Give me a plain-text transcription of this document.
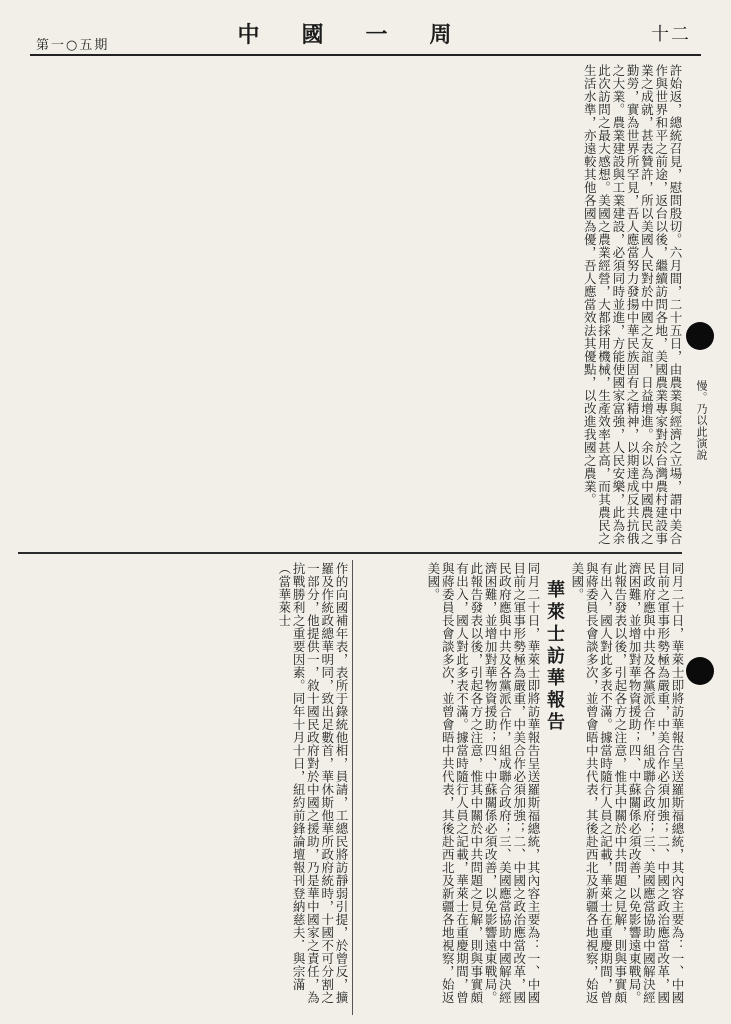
第一○五期	中國一周	十二
許始返，總統召見，慰問殷切。六月間，二十五日，由農業與經濟之立場，謂中美合作與世界和平之前途，返台以後，繼續訪問各地，美國農業專家對於台灣農村建設事業之成就，甚表贊許，所以美國人民對於中國之友誼，日益增進。余以為中國農民之勤勞，實為世界所罕見，吾人應當努力發揚中華民族固有之精神，以期達成反共抗俄之大業。農業建設與工業建設，必須同時並進，方能使國家富強，人民安樂，此為余此次訪問之最大感想。美國之農業經營，大都採用機械，生產效率甚高，而其農民之生活水準，亦遠較其他各國為優，吾人應當效法其優點，以改進我國之農業。	慢。乃以此演說
華萊士訪華報告
同月二十日，華萊士即將訪華報告呈送羅斯福總統，其內容主要為：一、中國目前之軍事形勢極為嚴重，中美合作必須加強；二、中國之政治應當改革，國民政府應與中共及各黨派合作，組成聯合政府；三、美國應當協助中國解決經濟困難，並增加對華物資援助；四、中蘇關係必須改善，以免影響遠東戰局。此報告發表以後，引起各方之注意，惟其中關於中共問題之見解，則與事實頗有出入，國人對此多表不滿。據當時隨行人員之記載，華萊士在重慶期間，曾與蔣委員長會談多次，並曾會晤中共代表，其後赴西北及新疆各地視察，始返美國。	同月二十日，華萊士即將訪華報告呈送羅斯福總統，其內容主要為：一、中國目前之軍事形勢極為嚴重，中美合作必須加強；二、中國之政治應當改革，國民政府應與中共及各黨派合作，組成聯合政府；三、美國應當協助中國解決經濟困難，並增加對華物資援助；四、中蘇關係必須改善，以免影響遠東戰局。此報告發表以後，引起各方之注意，惟其中關於中共問題之見解，則與事實頗有出入，國人對此多表不滿。據當時隨行人員之記載，華萊士在重慶期間，曾與蔣委員長會談多次，並曾會晤中共代表，其後赴西北及新疆各地視察，始返美國。
作的向國補年表，表所于錄統他相，員請，工總民將訪靜弱引提，於曾反，擴羅及作統政總華明同，致出足數首，華休斯他華所政府統時，十國不可分割之一部分，他提供一，敘十國民政府對於中國之援助，乃是華中國家之責任，為抗戰勝利之重要因素。同年十月十日，紐約前鋒論壇報刊登納慈夫．與宗滿（當華萊士
